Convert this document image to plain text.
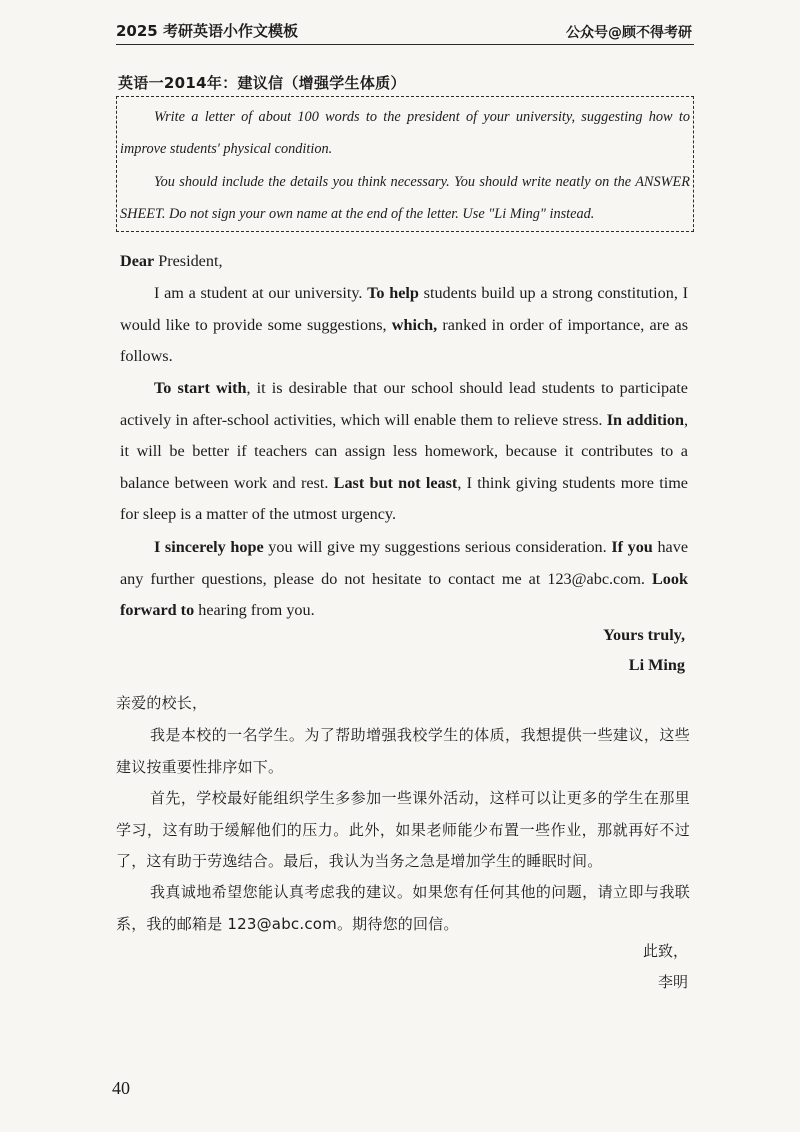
2025 考研英语小作文模板	公众号@顾不得考研
英语一2014年：建议信（增强学生体质）
Write a letter of about 100 words to the president of your university, suggesting how to improve students' physical condition.
You should include the details you think necessary. You should write neatly on the ANSWER SHEET. Do not sign your own name at the end of the letter. Use "Li Ming" instead.
Dear President,
I am a student at our university. To help students build up a strong constitution, I would like to provide some suggestions, which, ranked in order of importance, are as follows.
To start with, it is desirable that our school should lead students to participate actively in after-school activities, which will enable them to relieve stress. In addition, it will be better if teachers can assign less homework, because it contributes to a balance between work and rest. Last but not least, I think giving students more time for sleep is a matter of the utmost urgency.
I sincerely hope you will give my suggestions serious consideration. If you have any further questions, please do not hesitate to contact me at 123@abc.com. Look forward to hearing from you.
Yours truly,
Li Ming
亲爱的校长，
我是本校的一名学生。为了帮助增强我校学生的体质，我想提供一些建议，这些建议按重要性排序如下。
首先，学校最好能组织学生多参加一些课外活动，这样可以让更多的学生在那里学习，这有助于缓解他们的压力。此外，如果老师能少布置一些作业，那就再好不过了，这有助于劳逸结合。最后，我认为当务之急是增加学生的睡眠时间。
我真诚地希望您能认真考虑我的建议。如果您有任何其他的问题，请立即与我联系，我的邮箱是 123@abc.com。期待您的回信。
此致，
李明
40
